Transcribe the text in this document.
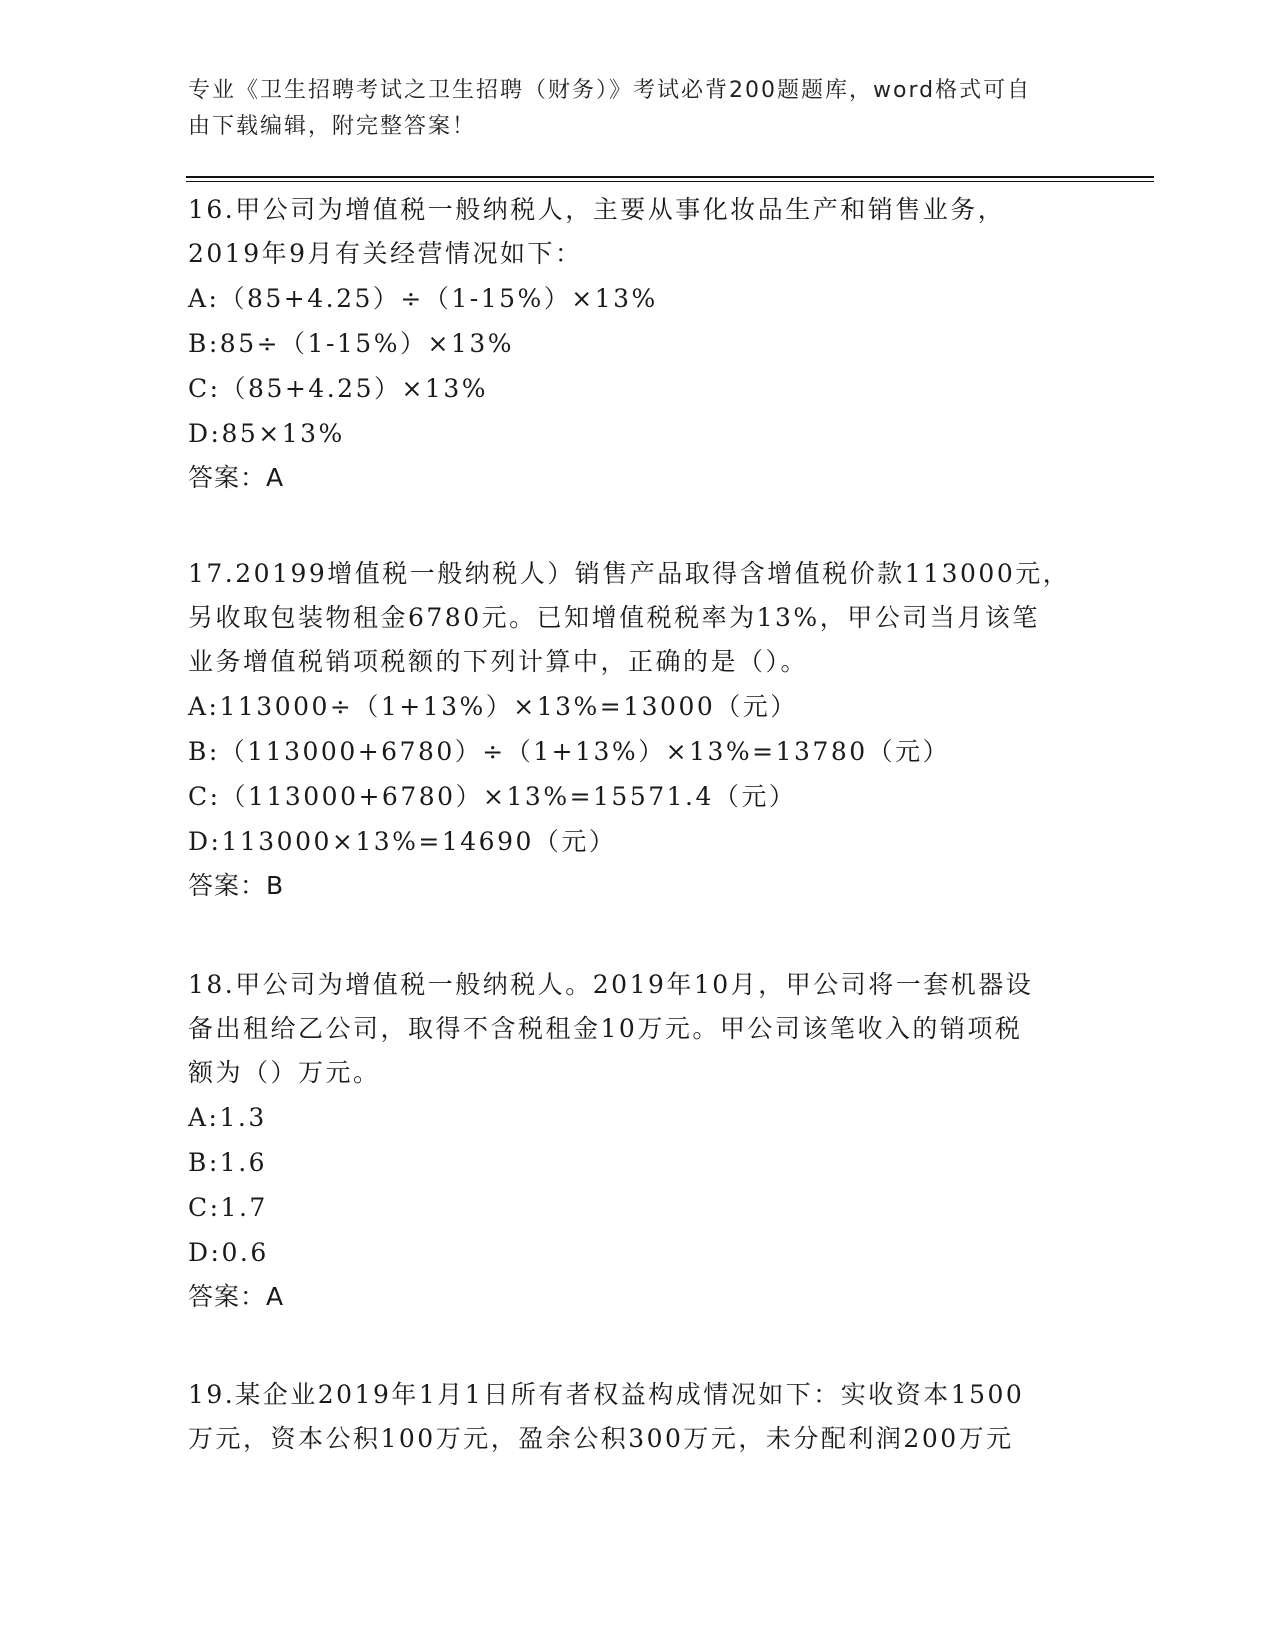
专业《卫生招聘考试之卫生招聘（财务）》考试必背200题题库，word格式可自
由下载编辑，附完整答案！

16.甲公司为增值税一般纳税人，主要从事化妆品生产和销售业务，

2019年9月有关经营情况如下：

A:（85+4.25）÷（1-15%）×13%

B:85÷（1-15%）×13%

C:（85+4.25）×13%

D:85×13%

答案：A

17.20199增值税一般纳税人）销售产品取得含增值税价款113000元，

另收取包装物租金6780元。已知增值税税率为13%，甲公司当月该笔

业务增值税销项税额的下列计算中，正确的是（）。

A:113000÷（1+13%）×13%=13000（元）

B:（113000+6780）÷（1+13%）×13%=13780（元）

C:（113000+6780）×13%=15571.4（元）

D:113000×13%=14690（元）

答案：B

18.甲公司为增值税一般纳税人。2019年10月，甲公司将一套机器设

备出租给乙公司，取得不含税租金10万元。甲公司该笔收入的销项税

额为（）万元。

A:1.3

B:1.6

C:1.7

D:0.6

答案：A

19.某企业2019年1月1日所有者权益构成情况如下：实收资本1500

万元，资本公积100万元，盈余公积300万元，未分配利润200万元
